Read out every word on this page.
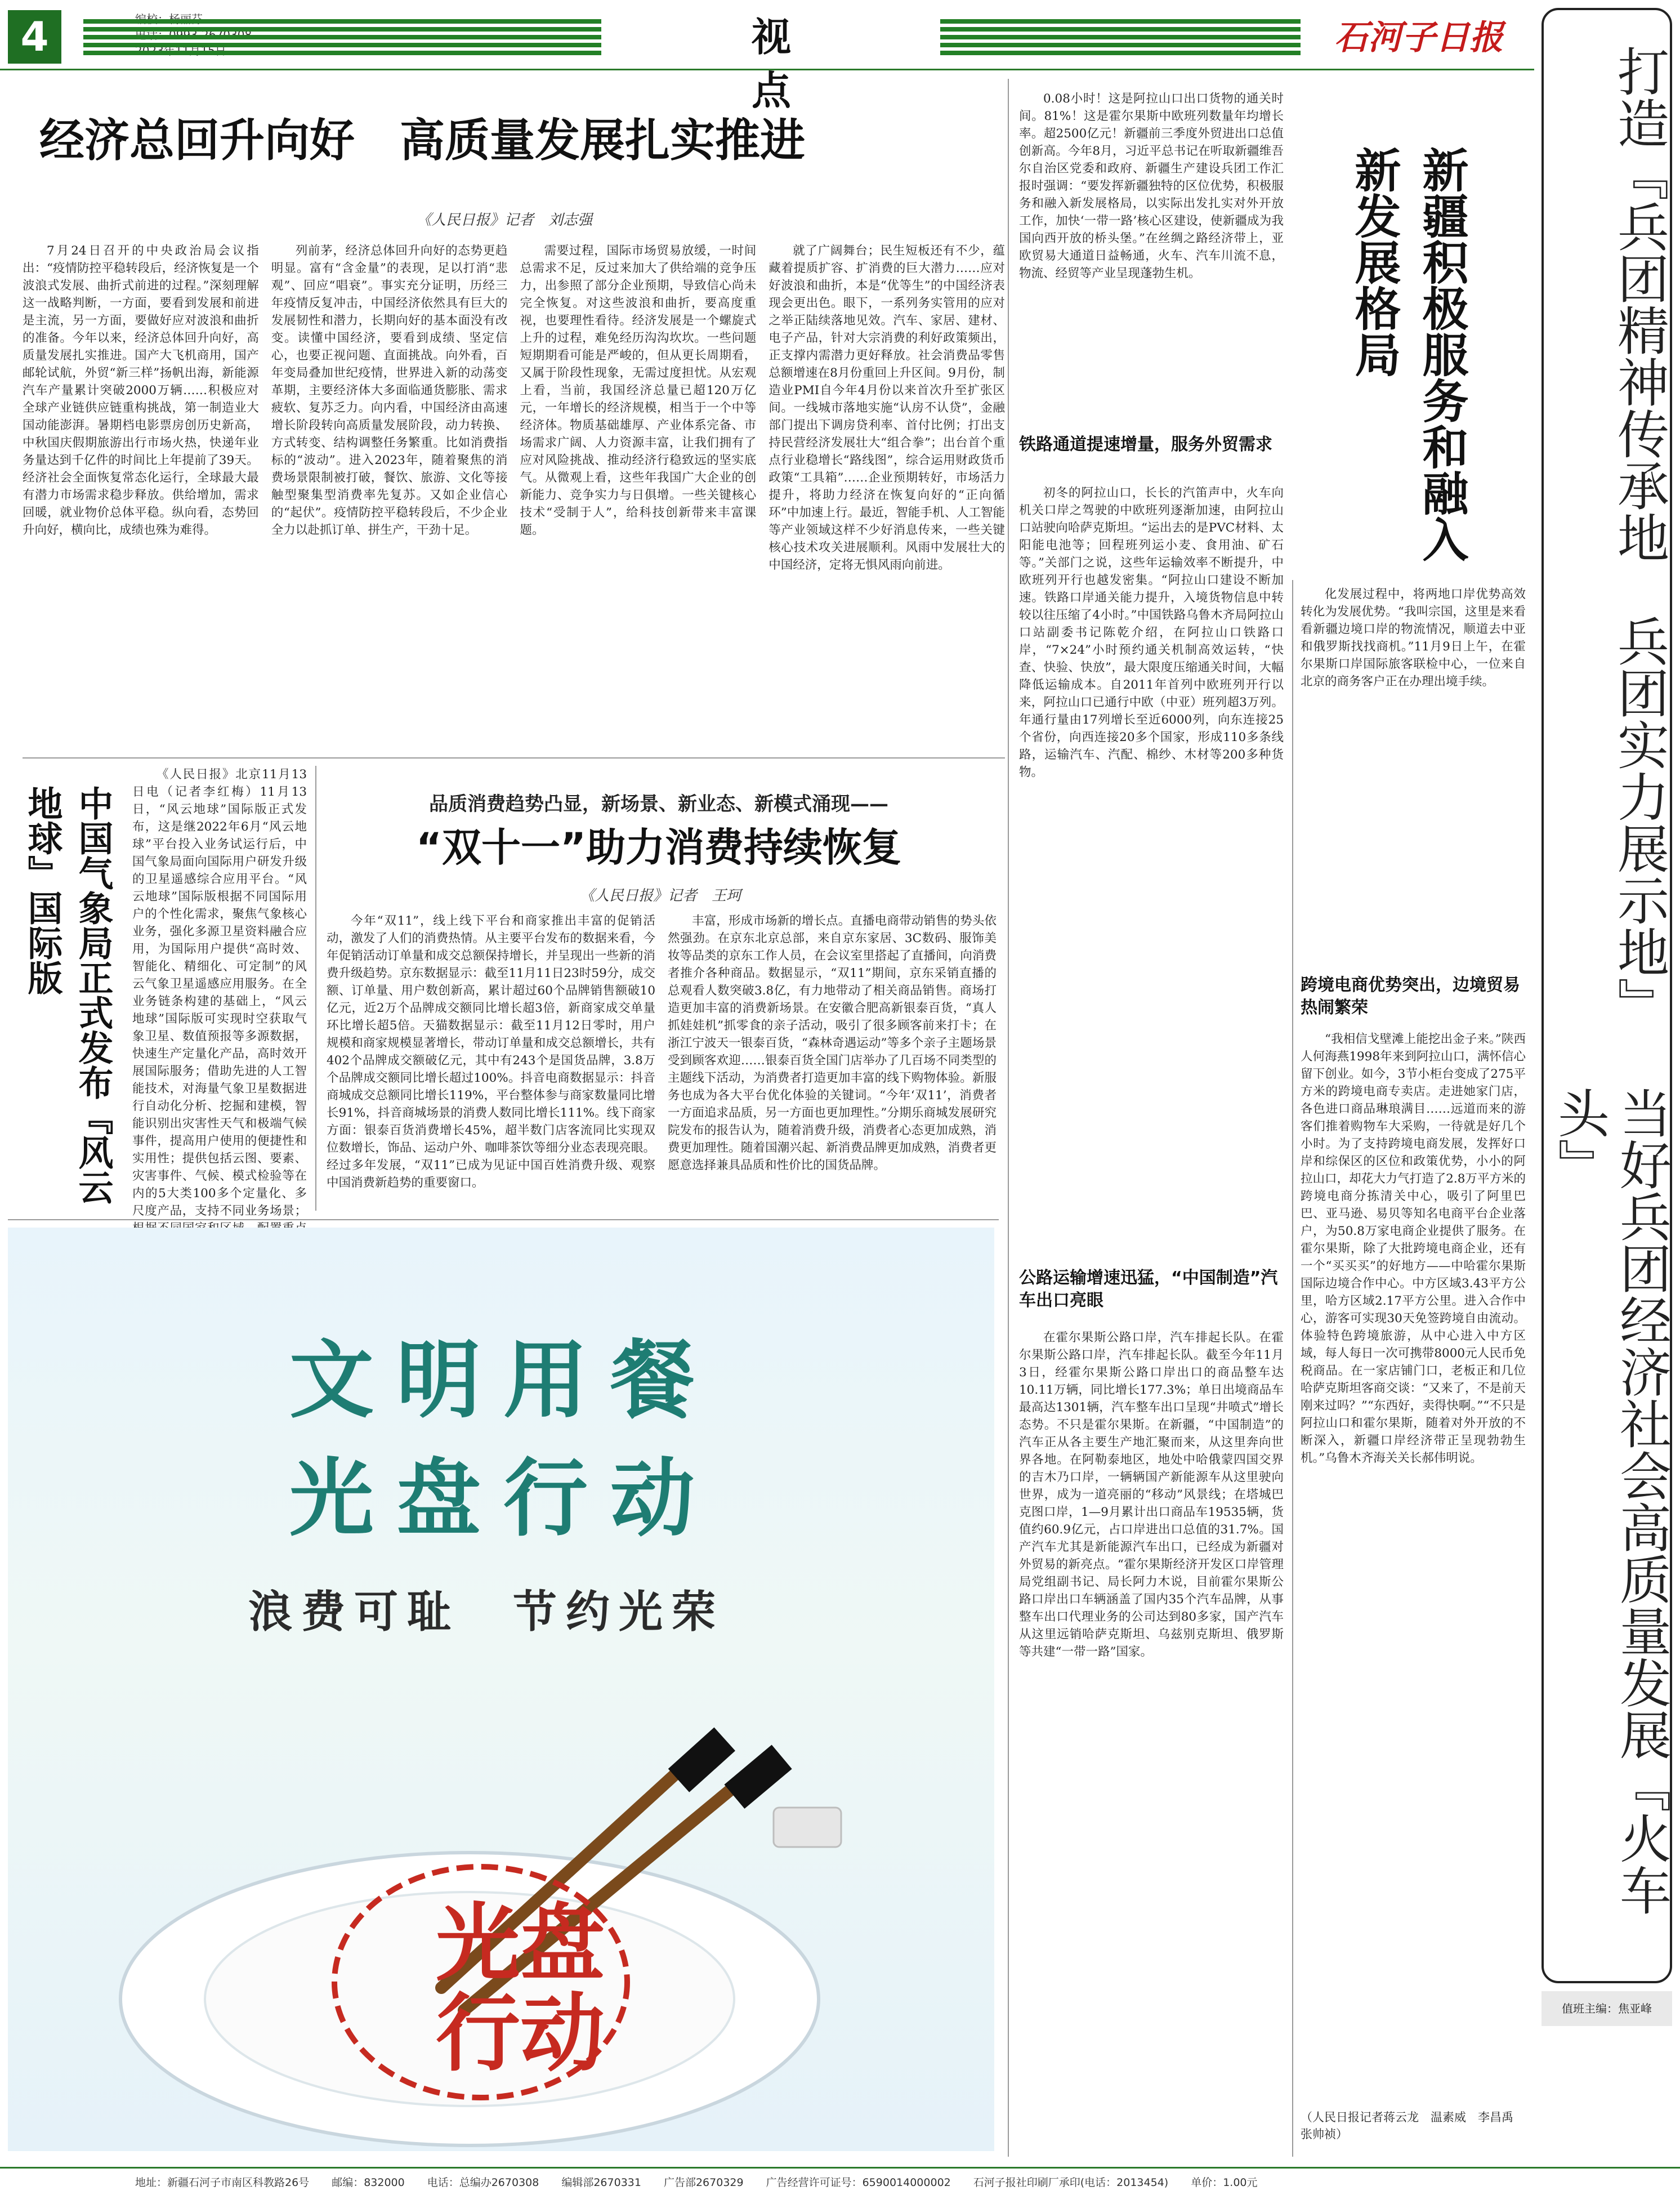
4	视 点
石河子日报
经济总回升向好　高质量发展扎实推进
《人民日报》记者　刘志强

7月24日召开的中央政治局会议指出：“疫情防控平稳转段后，经济恢复是一个波浪式发展、曲折式前进的过程。”深刻理解这一战略判断，一方面，要看到发展和前进是主流，另一方面，要做好应对波浪和曲折的准备。今年以来，经济总体回升向好，高质量发展扎实推进。国产大飞机商用，国产邮轮试航，外贸“新三样”扬帆出海，新能源汽车产量累计突破2000万辆……积极应对全球产业链供应链重构挑战，第一制造业大国动能澎湃。暑期档电影票房创历史新高，中秋国庆假期旅游出行市场火热，快递年业务量达到千亿件的时间比上年提前了39天。经济社会全面恢复常态化运行，全球最大最有潜力市场需求稳步释放。供给增加，需求回暖，就业物价总体平稳。纵向看，态势回升向好，横向比，成绩也殊为难得。

列前茅，经济总体回升向好的态势更趋明显。富有“含金量”的表现，足以打消“悲观”、回应“唱衰”。事实充分证明，历经三年疫情反复冲击，中国经济依然具有巨大的发展韧性和潜力，长期向好的基本面没有改变。读懂中国经济，要看到成绩、坚定信心，也要正视问题、直面挑战。向外看，百年变局叠加世纪疫情，世界进入新的动荡变革期，主要经济体大多面临通货膨胀、需求疲软、复苏乏力。向内看，中国经济由高速增长阶段转向高质量发展阶段，动力转换、方式转变、结构调整任务繁重。比如消费指标的“波动”。进入2023年，随着聚焦的消费场景限制被打破，餐饮、旅游、文化等接触型聚集型消费率先复苏。又如企业信心的“起伏”。疫情防控平稳转段后，不少企业全力以赴抓订单、拼生产，干劲十足。

需要过程，国际市场贸易放缓，一时间总需求不足，反过来加大了供给端的竞争压力，出参照了部分企业预期，导致信心尚未完全恢复。对这些波浪和曲折，要高度重视，也要理性看待。经济发展是一个螺旋式上升的过程，难免经历沟沟坎坎。一些问题短期期看可能是严峻的，但从更长周期看，又属于阶段性现象，无需过度担忧。从宏观上看，当前，我国经济总量已超120万亿元，一年增长的经济规模，相当于一个中等经济体。物质基础雄厚、产业体系完备、市场需求广阔、人力资源丰富，让我们拥有了应对风险挑战、推动经济行稳致远的坚实底气。从微观上看，这些年我国广大企业的创新能力、竞争实力与日俱增。一些关键核心技术“受制于人”，给科技创新带来丰富课题。

就了广阔舞台；民生短板还有不少，蕴藏着提质扩容、扩消费的巨大潜力……应对好波浪和曲折，本是“优等生”的中国经济表现会更出色。眼下，一系列务实管用的应对之举正陆续落地见效。汽车、家居、建材、电子产品，针对大宗消费的利好政策频出，正支撑内需潜力更好释放。社会消费品零售总额增速在8月份重回上升区间。9月份，制造业PMI自今年4月份以来首次升至扩张区间。一线城市落地实施“认房不认贷”，金融部门提出下调房贷利率、首付比例；打出支持民营经济发展壮大“组合拳”；出台首个重点行业稳增长“路线图”，综合运用财政货币政策“工具箱”……企业预期转好，市场活力提升，将助力经济在恢复向好的“正向循环”中加速上行。最近，智能手机、人工智能等产业领域这样不少好消息传来，一些关键核心技术攻关进展顺利。风雨中发展壮大的中国经济，定将无惧风雨向前进。

中国气象局正式发布『风云地球』国际版

《人民日报》北京11月13日电（记者李红梅）11月13日，“风云地球”国际版正式发布，这是继2022年6月“风云地球”平台投入业务试运行后，中国气象局面向国际用户研发升级的卫星遥感综合应用平台。“风云地球”国际版根据不同国际用户的个性化需求，聚焦气象核心业务，强化多源卫星资料融合应用，为国际用户提供“高时效、智能化、精细化、可定制”的风云气象卫星遥感应用服务。在全业务链条构建的基础上，“风云地球”国际版可实现时空获取气象卫星、数值预报等多源数据，快速生产定量化产品，高时效开展国际服务；借助先进的人工智能技术，对海量气象卫星数据进行自动化分析、挖掘和建模，智能识别出灾害性天气和极端气候事件，提高用户使用的便捷性和实用性；提供包括云图、要素、灾害事件、气候、模式检验等在内的5大类100多个定量化、多尺度产品，支持不同业务场景；

品质消费趋势凸显，新场景、新业态、新模式涌现——
“双十一”助力消费持续恢复
《人民日报》记者　王珂

今年“双11”，线上线下平台和商家推出丰富的促销活动，激发了人们的消费热情。从主要平台发布的数据来看，今年促销活动订单量和成交总额保持增长，并呈现出一些新的消费升级趋势。京东数据显示：截至11月11日23时59分，成交额、订单量、用户数创新高，累计超过60个品牌销售额破10亿元，近2万个品牌成交额同比增长超3倍，新商家成交单量环比增长超5倍。天猫数据显示：截至11月12日零时，用户规模和商家规模显著增长，带动订单量和成交总额增长，共有402个品牌成交额破亿元，其中有243个是国货品牌，3.8万个品牌成交额同比增长超过100%。抖音电商数据显示：抖音商城成交总额同比增长119%，平台整体参与商家数量同比增长91%，抖音商城场景的消费人数同比增长111%。线下商家方面：银泰百货消费增长45%，超半数门店客流同比实现双位数增长，饰品、运动户外、咖啡茶饮等细分业态表现亮眼。经过多年发展，“双11”已成为见证中国百姓消费升级、观察中国消费新趋势的重要窗口。

丰富，形成市场新的增长点。直播电商带动销售的势头依然强劲。在京东北京总部，来自京东家居、3C数码、服饰美妆等品类的京东工作人员，在会议室里搭起了直播间，向消费者推介各种商品。数据显示，“双11”期间，京东采销直播的总观看人数突破3.8亿，有力地带动了相关商品销售。商场打造更加丰富的消费新场景。在安徽合肥高新银泰百货，“真人抓娃娃机”抓零食的亲子活动，吸引了很多顾客前来打卡；在浙江宁波天一银泰百货，“森林奇遇运动”等多个亲子主题场景受到顾客欢迎……银泰百货全国门店举办了几百场不同类型的主题线下活动，为消费者打造更加丰富的线下购物体验。新服务也成为各大平台优化体验的关键词。“今年‘双11’，消费者一方面追求品质，另一方面也更加理性。”分期乐商城发展研究院发布的报告认为，随着消费升级，消费者心态更加成熟，消费更加理性。随着国潮兴起、新消费品牌更加成熟，消费者更愿意选择兼具品质和性价比的国货品牌。

文明用餐
光盘行动
浪费可耻　节约光荣
光盘
行动
新疆积极服务和融入新发展格局

0.08小时！这是阿拉山口出口货物的通关时间。81%！这是霍尔果斯中欧班列数量年均增长率。超2500亿元！新疆前三季度外贸进出口总值创新高。今年8月，习近平总书记在听取新疆维吾尔自治区党委和政府、新疆生产建设兵团工作汇报时强调：“要发挥新疆独特的区位优势，积极服务和融入新发展格局，以实际出发扎实对外开放工作，加快‘一带一路’核心区建设，使新疆成为我国向西开放的桥头堡。”在丝绸之路经济带上，亚欧贸易大通道日益畅通，火车、汽车川流不息，物流、经贸等产业呈现蓬勃生机。

铁路通道提速增量，服务外贸需求

初冬的阿拉山口，长长的汽笛声中，火车向机关口岸之驾驶的中欧班列逐渐加速，由阿拉山口站驶向哈萨克斯坦。“运出去的是PVC材料、太阳能电池等；回程班列运小麦、食用油、矿石等。”关部门之说，这些年运输效率不断提升，中欧班列开行也越发密集。“阿拉山口建设不断加速。铁路口岸通关能力提升，入境货物信息中转较以往压缩了4小时。”中国铁路乌鲁木齐局阿拉山口站副委书记陈乾介绍，在阿拉山口铁路口岸，“7×24”小时预约通关机制高效运转，“快查、快验、快放”，最大限度压缩通关时间，大幅降低运输成本。自2011年首列中欧班列开行以来，阿拉山口已通行中欧（中亚）班列超3万列。年通行量由17列增长至近6000列，向东连接25个省份，向西连接20多个国家，形成110多条线路，运输汽车、汽配、棉纱、木材等200多种货物。

公路运输增速迅猛，“中国制造”汽车出口亮眼

在霍尔果斯公路口岸，汽车排起长队。在霍尔果斯公路口岸，汽车排起长队。截至今年11月3日，经霍尔果斯公路口岸出口的商品整车达10.11万辆，同比增长177.3%；单日出境商品车最高达1301辆，汽车整车出口呈现“井喷式”增长态势。不只是霍尔果斯。在新疆，“中国制造”的汽车正从各主要生产地汇聚而来，从这里奔向世界各地。在阿勒泰地区，地处中哈俄蒙四国交界的吉木乃口岸，一辆辆国产新能源车从这里驶向世界，成为一道亮丽的“移动”风景线；在塔城巴克图口岸，1—9月累计出口商品车19535辆，货值约60.9亿元，占口岸进出口总值的31.7%。国产汽车尤其是新能源汽车出口，已经成为新疆对外贸易的新亮点。“霍尔果斯经济开发区口岸管理局党组副书记、局长阿力木说，目前霍尔果斯公路口岸出口车辆涵盖了国内35个汽车品牌，从事整车出口代理业务的公司达到80多家，国产汽车从这里远销哈萨克斯坦、乌兹别克斯坦、俄罗斯等共建“一带一路”国家。

化发展过程中，将两地口岸优势高效转化为发展优势。“我叫宗国，这里是来看看新疆边境口岸的物流情况，顺道去中亚和俄罗斯找找商机。”11月9日上午，在霍尔果斯口岸国际旅客联检中心，一位来自北京的商务客户正在办理出境手续。

跨境电商优势突出，边境贸易热闹繁荣

“我相信戈壁滩上能挖出金子来。”陕西人何海燕1998年来到阿拉山口，满怀信心留下创业。如今，3节小柜台变成了275平方米的跨境电商专卖店。走进她家门店，各色进口商品琳琅满目……远道而来的游客们推着购物车大采购，一待就是好几个小时。为了支持跨境电商发展，发挥好口岸和综保区的区位和政策优势，小小的阿拉山口，却花大力气打造了2.8万平方米的跨境电商分拣清关中心，吸引了阿里巴巴、亚马逊、易贝等知名电商平台企业落户，为50.8万家电商企业提供了服务。在霍尔果斯，除了大批跨境电商企业，还有一个“买买买”的好地方——中哈霍尔果斯国际边境合作中心。中方区域3.43平方公里，哈方区域2.17平方公里。进入合作中心，游客可实现30天免签跨境自由流动。体验特色跨境旅游，从中心进入中方区域，每人每日一次可携带8000元人民币免税商品。在一家店铺门口，老板正和几位哈萨克斯坦客商交谈：“又来了，不是前天刚来过吗？”“东西好，卖得快啊。”“不只是阿拉山口和霍尔果斯，随着对外开放的不断深入，新疆口岸经济带正呈现勃勃生机。”乌鲁木齐海关关长郝伟明说。

（人民日报记者蒋云龙　温素威　李昌禹　张帅祯）
打造『兵团精神传承地　兵团实力展示地』
当好兵团经济社会高质量发展『火车头』
值班主编：焦亚峰
地址：新疆石河子市南区科教路26号 邮编：832000 电话：总编办2670308 编辑部2670331 广告部2670329 广告经营许可证号：6590014000002 石河子报社印刷厂承印(电话：2013454) 单价：1.00元
